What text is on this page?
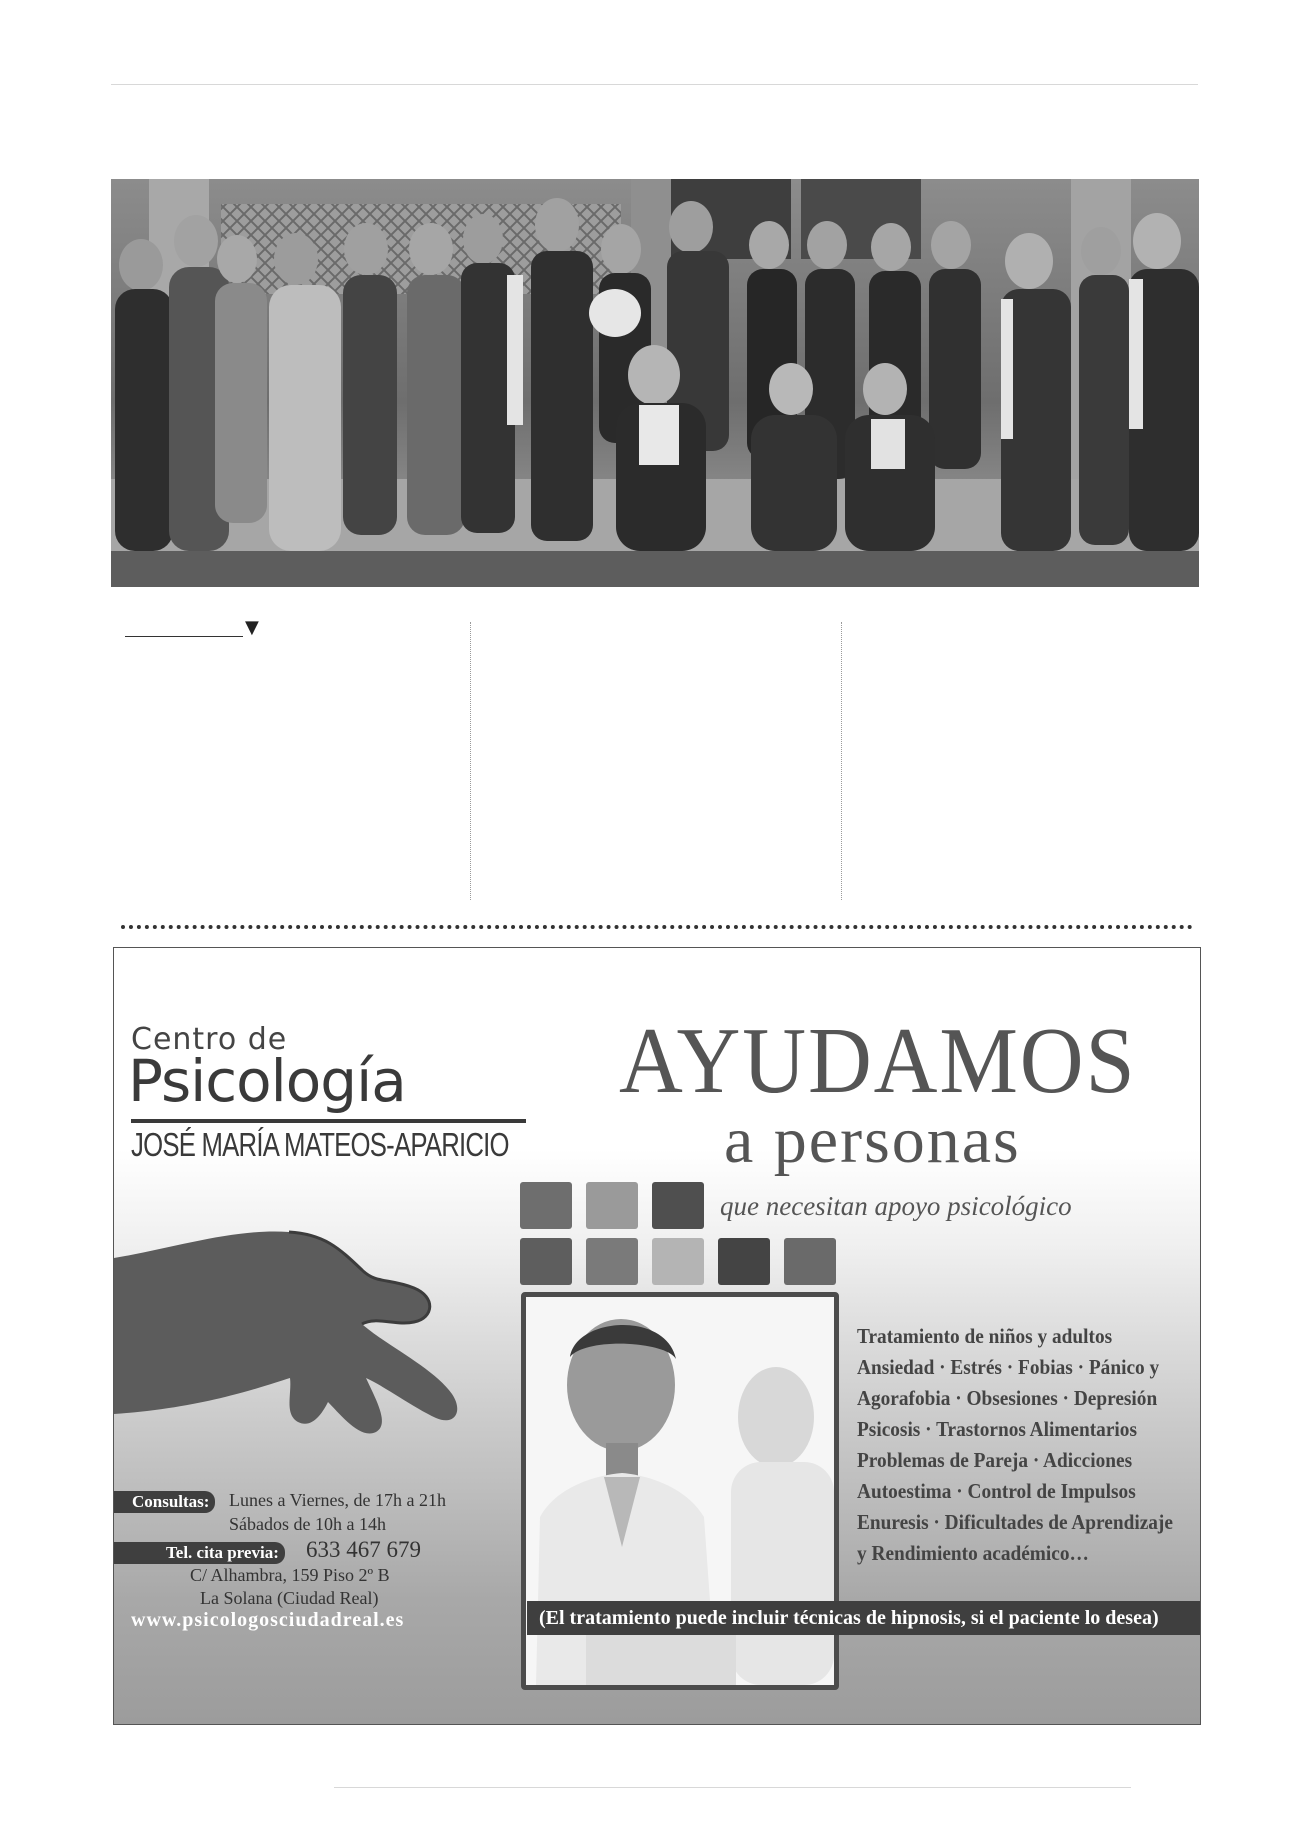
▼
Centro de
Psicología
JOSÉ MARÍA MATEOS-APARICIO
AYUDAMOS
a personas
que necesitan apoyo psicológico
Tratamiento de niños y adultos
Ansiedad · Estrés · Fobias · Pánico y
Agorafobia · Obsesiones · Depresión
Psicosis · Trastornos Alimentarios
Problemas de Pareja · Adicciones
Autoestima · Control de Impulsos
Enuresis · Dificultades de Aprendizaje
y Rendimiento académico…
(El tratamiento puede incluir técnicas de hipnosis, si el paciente lo desea)
Consultas:	Lunes a Viernes, de 17h a 21h
Sábados de 10h a 14h
Tel. cita previa: 633 467 679
C/ Alhambra, 159 Piso 2º B
La Solana (Ciudad Real)
www.psicologosciudadreal.es
